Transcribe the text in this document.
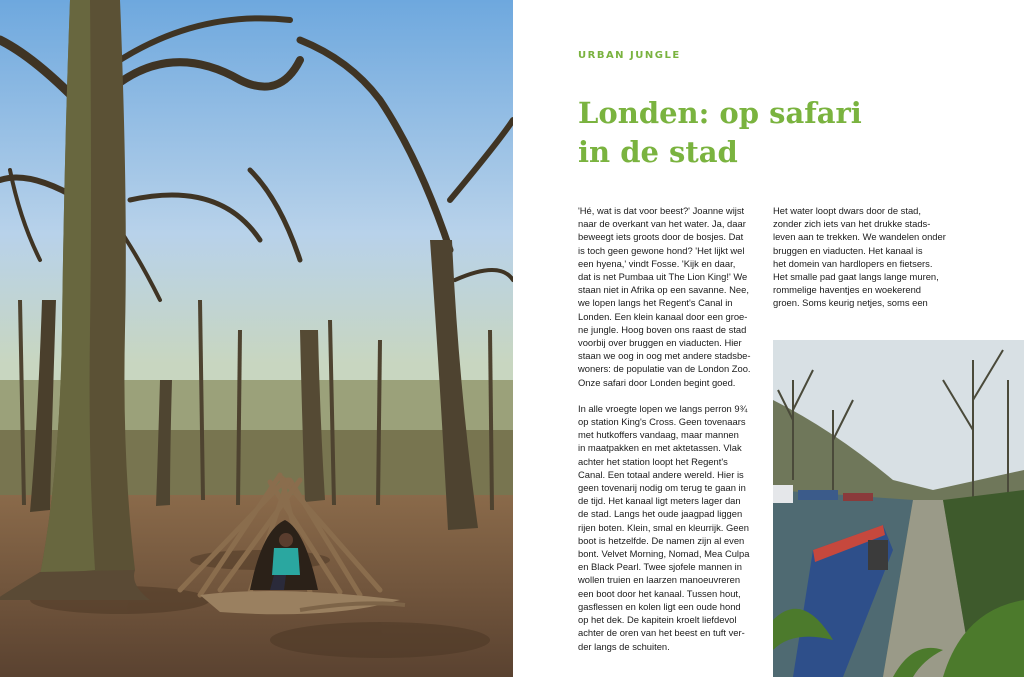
URBAN JUNGLE
Londen: op safari
in de stad

'Hé, wat is dat voor beest?' Joanne wijst
naar de overkant van het water. Ja, daar
beweegt iets groots door de bosjes. Dat
is toch geen gewone hond? 'Het lijkt wel
een hyena,' vindt Fosse. 'Kijk en daar,
dat is net Pumbaa uit The Lion King!' We
staan niet in Afrika op een savanne. Nee,
we lopen langs het Regent's Canal in
Londen. Een klein kanaal door een groe-
ne jungle. Hoog boven ons raast de stad
voorbij over bruggen en viaducten. Hier
staan we oog in oog met andere stadsbe-
woners: de populatie van de London Zoo.
Onze safari door Londen begint goed.

In alle vroegte lopen we langs perron 9¾
op station King's Cross. Geen tovenaars
met hutkoffers vandaag, maar mannen
in maatpakken en met aktetassen. Vlak
achter het station loopt het Regent's
Canal. Een totaal andere wereld. Hier is
geen tovenarij nodig om terug te gaan in
de tijd. Het kanaal ligt meters lager dan
de stad. Langs het oude jaagpad liggen
rijen boten. Klein, smal en kleurrijk. Geen
boot is hetzelfde. De namen zijn al even
bont. Velvet Morning, Nomad, Mea Culpa
en Black Pearl. Twee sjofele mannen in
wollen truien en laarzen manoeuvreren
een boot door het kanaal. Tussen hout,
gasflessen en kolen ligt een oude hond
op het dek. De kapitein kroelt liefdevol
achter de oren van het beest en tuft ver-
der langs de schuiten.

Het water loopt dwars door de stad,
zonder zich iets van het drukke stads-
leven aan te trekken. We wandelen onder
bruggen en viaducten. Het kanaal is
het domein van hardlopers en fietsers.
Het smalle pad gaat langs lange muren,
rommelige haventjes en woekerend
groen. Soms keurig netjes, soms een
